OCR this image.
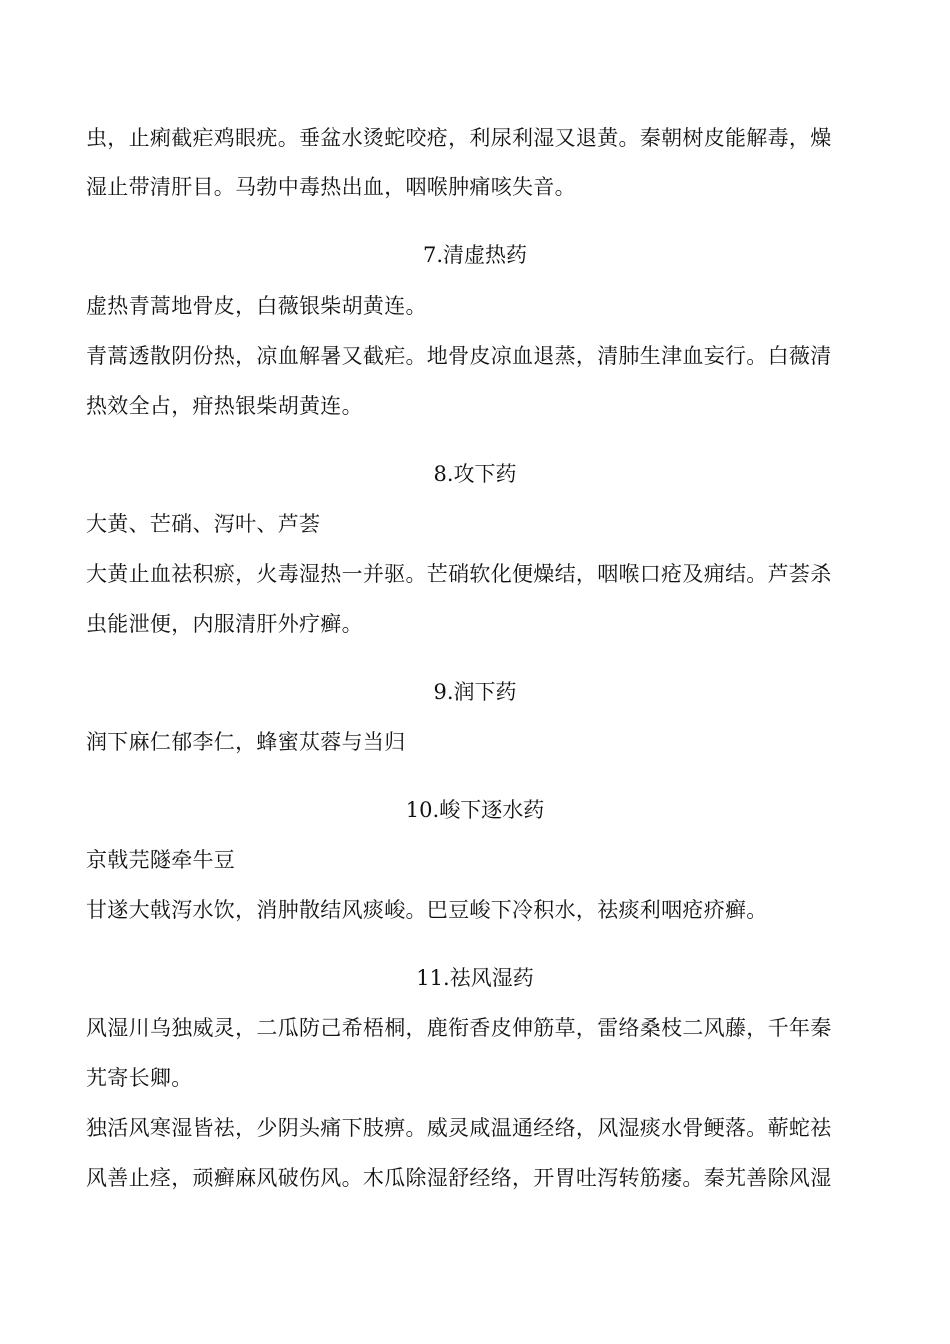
虫，止痢截疟鸡眼疣。垂盆水烫蛇咬疮，利尿利湿又退黄。秦朝树皮能解毒，燥
湿止带清肝目。马勃中毒热出血，咽喉肿痛咳失音。
7.清虚热药
虚热青蒿地骨皮，白薇银柴胡黄连。
青蒿透散阴份热，凉血解暑又截疟。地骨皮凉血退蒸，清肺生津血妄行。白薇清
热效全占，疳热银柴胡黄连。
8.攻下药
大黄、芒硝、泻叶、芦荟
大黄止血祛积瘀，火毒湿热一并驱。芒硝软化便燥结，咽喉口疮及痈结。芦荟杀
虫能泄便，内服清肝外疗癣。
9.润下药
润下麻仁郁李仁，蜂蜜苁蓉与当归
10.峻下逐水药
京戟芫隧牵牛豆
甘遂大戟泻水饮，消肿散结风痰峻。巴豆峻下冷积水，祛痰利咽疮疥癣。
11.祛风湿药
风湿川乌独威灵，二瓜防己希梧桐，鹿衔香皮伸筋草，雷络桑枝二风藤，千年秦
艽寄长卿。
独活风寒湿皆祛，少阴头痛下肢痹。威灵咸温通经络，风湿痰水骨鲠落。蕲蛇祛
风善止痉，顽癣麻风破伤风。木瓜除湿舒经络，开胃吐泻转筋痿。秦艽善除风湿
